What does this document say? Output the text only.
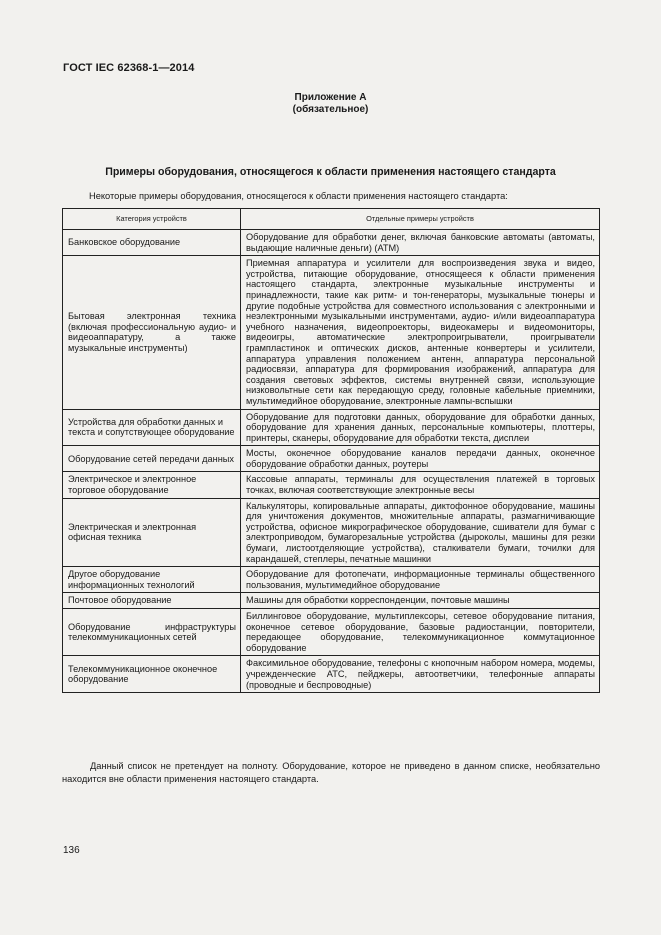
ГОСТ IEC 62368-1—2014
Приложение А
(обязательное)
Примеры оборудования, относящегося к области применения настоящего стандарта
Некоторые примеры оборудования, относящегося к области применения настоящего стандарта:
Категория устройств	Отдельные примеры устройств
Банковское оборудование	Оборудование для обработки денег, включая банковские автоматы (автоматы, выдающие наличные деньги) (АТМ)
Бытовая электронная техника (включая профессиональную аудио- и видеоаппаратуру, а также музыкальные инструменты)	Приемная аппаратура и усилители для воспроизведения звука и видео, устройства, питающие оборудование, относящееся к области применения настоящего стандарта, электронные музыкальные инструменты и принадлежности, такие как ритм- и тон-генераторы, музыкальные тюнеры и другие подобные устройства для совместного использования с электронными и неэлектронными музыкальными инструментами, аудио- и/или видеоаппаратура учебного назначения, видеопроекторы, видеокамеры и видеомониторы, видеоигры, автоматические электропроигрыватели, проигрыватели грампластинок и оптических дисков, антенные конвертеры и усилители, аппаратура управления положением антенн, аппаратура персональной радиосвязи, аппаратура для формирования изображений, аппаратура для создания световых эффектов, системы внутренней связи, использующие низковольтные сети как передающую среду, головные кабельные приемники, мультимедийное оборудование, электронные лампы-вспышки
Устройства для обработки данных и текста и сопутствующее оборудование	Оборудование для подготовки данных, оборудование для обработки данных, оборудование для хранения данных, персональные компьютеры, плоттеры, принтеры, сканеры, оборудование для обработки текста, дисплеи
Оборудование сетей передачи данных	Мосты, оконечное оборудование каналов передачи данных, оконечное оборудование обработки данных, роутеры
Электрическое и электронное торговое оборудование	Кассовые аппараты, терминалы для осуществления платежей в торговых точках, включая соответствующие электронные весы
Электрическая и электронная офисная техника	Калькуляторы, копировальные аппараты, диктофонное оборудование, машины для уничтожения документов, множительные аппараты, размагничивающие устройства, офисное микрографическое оборудование, сшиватели для бумаг с электроприводом, бумагорезальные устройства (дыроколы, машины для резки бумаги, листоотделяющие устройства), сталкиватели бумаги, точилки для карандашей, степлеры, печатные машинки
Другое оборудование информационных технологий	Оборудование для фотопечати, информационные терминалы общественного пользования, мультимедийное оборудование
Почтовое оборудование	Машины для обработки корреспонденции, почтовые машины
Оборудование инфраструктуры телекоммуникационных сетей	Биллинговое оборудование, мультиплексоры, сетевое оборудование питания, оконечное сетевое оборудование, базовые радиостанции, повторители, передающее оборудование, телекоммуникационное коммутационное оборудование
Телекоммуникационное оконечное оборудование	Факсимильное оборудование, телефоны с кнопочным набором номера, модемы, учрежденческие АТС, пейджеры, автоответчики, телефонные аппараты (проводные и беспроводные)
Данный список не претендует на полноту. Оборудование, которое не приведено в данном списке, необязательно находится вне области применения настоящего стандарта.
136
